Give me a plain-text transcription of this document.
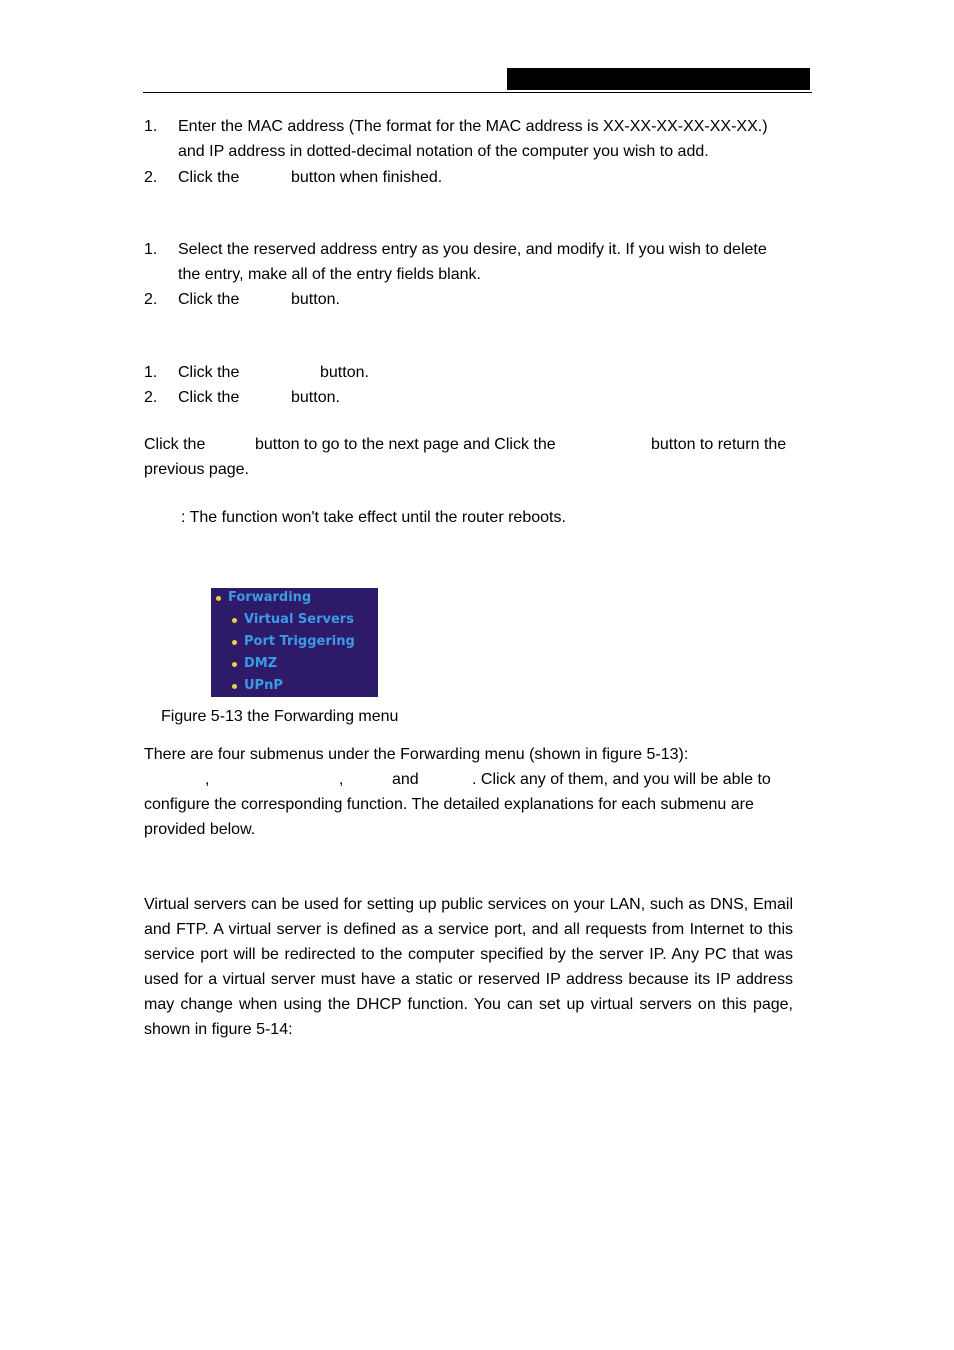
1. Enter the MAC address (The format for the MAC address is XX-XX-XX-XX-XX-XX.)
and IP address in dotted-decimal notation of the computer you wish to add.
2. Click the	button when finished.
1. Select the reserved address entry as you desire, and modify it. If you wish to delete
the entry, make all of the entry fields blank.
2. Click the	button.
1. Click the	button.
2. Click the	button.
Click the	button to go to the next page and Click the	button to return the
previous page.
: The function won't take effect until the router reboots.
Forwarding
Virtual Servers
Port Triggering
DMZ
UPnP
Figure 5-13 the Forwarding menu
There are four submenus under the Forwarding menu (shown in figure 5-13):
,	,	and	. Click any of them, and you will be able to
configure the corresponding function. The detailed explanations for each submenu are
provided below.
Virtual servers can be used for setting up public services on your LAN, such as DNS, Email and FTP. A virtual server is defined as a service port, and all requests from Internet to this service port will be redirected to the computer specified by the server IP. Any PC that was used for a virtual server must have a static or reserved IP address because its IP address may change when using the DHCP function. You can set up virtual servers on this page, shown in figure 5-14:
